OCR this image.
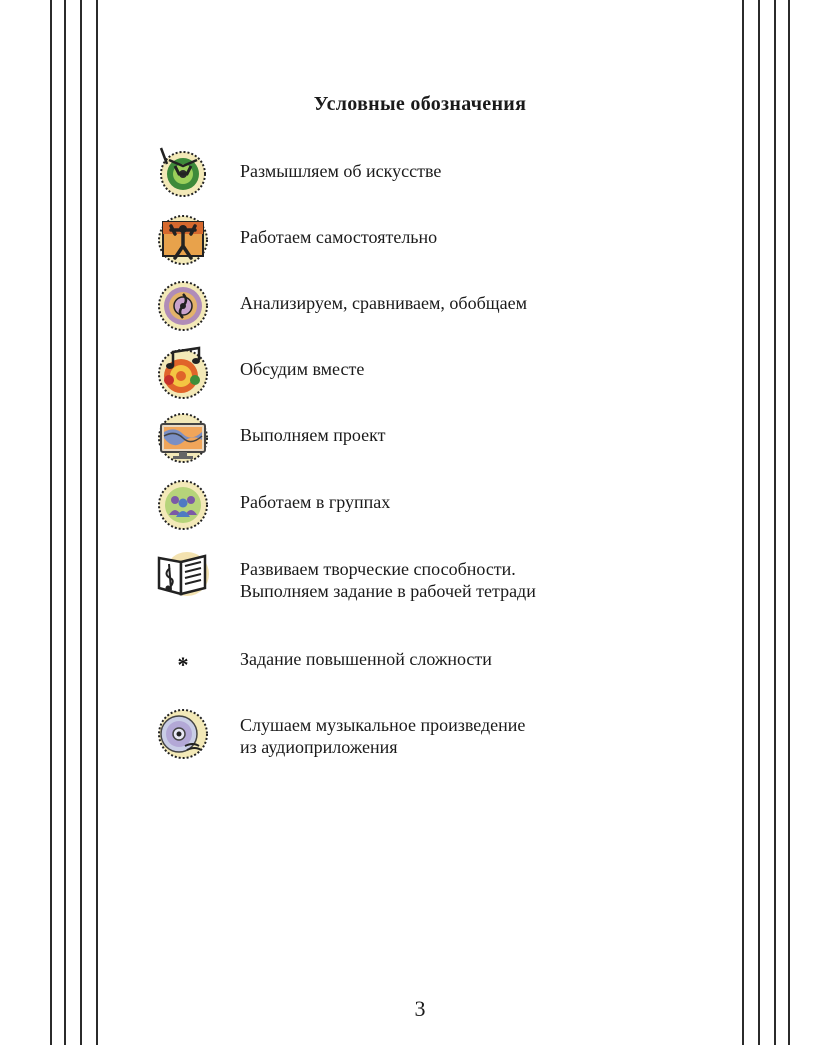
Условные обозначения
Размышляем об искусстве
Работаем самостоятельно
Анализируем, сравниваем, обобщаем
Обсудим вместе
Выполняем проект
Работаем в группах
Развиваем творческие способности.
Выполняем задание в рабочей тетради
*	Задание повышенной сложности
Слушаем музыкальное произведение
из аудиоприложения
3
